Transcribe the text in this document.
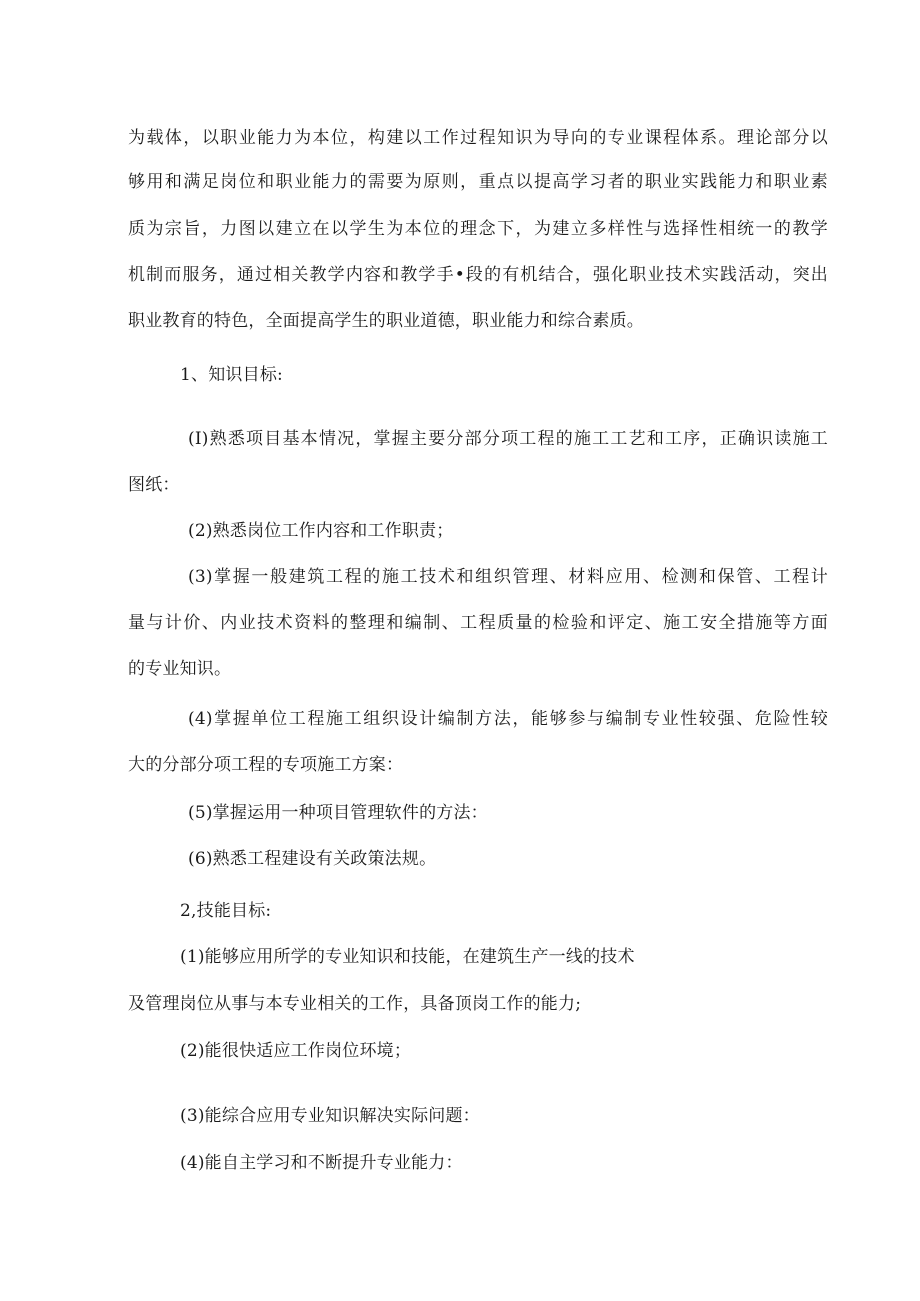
为载体，以职业能力为本位，构建以工作过程知识为导向的专业课程体系。理论部分以
够用和满足岗位和职业能力的需要为原则，重点以提高学习者的职业实践能力和职业素
质为宗旨，力图以建立在以学生为本位的理念下，为建立多样性与选择性相统一的教学
机制而服务，通过相关教学内容和教学手•段的有机结合，强化职业技术实践活动，突出
职业教育的特色，全面提高学生的职业道德，职业能力和综合素质。
1、知识目标:
(I)熟悉项目基本情况，掌握主要分部分项工程的施工工艺和工序，正确识读施工
图纸：
(2)熟悉岗位工作内容和工作职责；
(3)掌握一般建筑工程的施工技术和组织管理、材料应用、检测和保管、工程计
量与计价、内业技术资料的整理和编制、工程质量的检验和评定、施工安全措施等方面
的专业知识。
(4)掌握单位工程施工组织设计编制方法，能够参与编制专业性较强、危险性较
大的分部分项工程的专项施工方案：
(5)掌握运用一种项目管理软件的方法：
(6)熟悉工程建设有关政策法规。
2,技能目标:
(1)能够应用所学的专业知识和技能，在建筑生产一线的技术
及管理岗位从事与本专业相关的工作，具备顶岗工作的能力;
(2)能很快适应工作岗位环境；
(3)能综合应用专业知识解决实际问题：
(4)能自主学习和不断提升专业能力：
